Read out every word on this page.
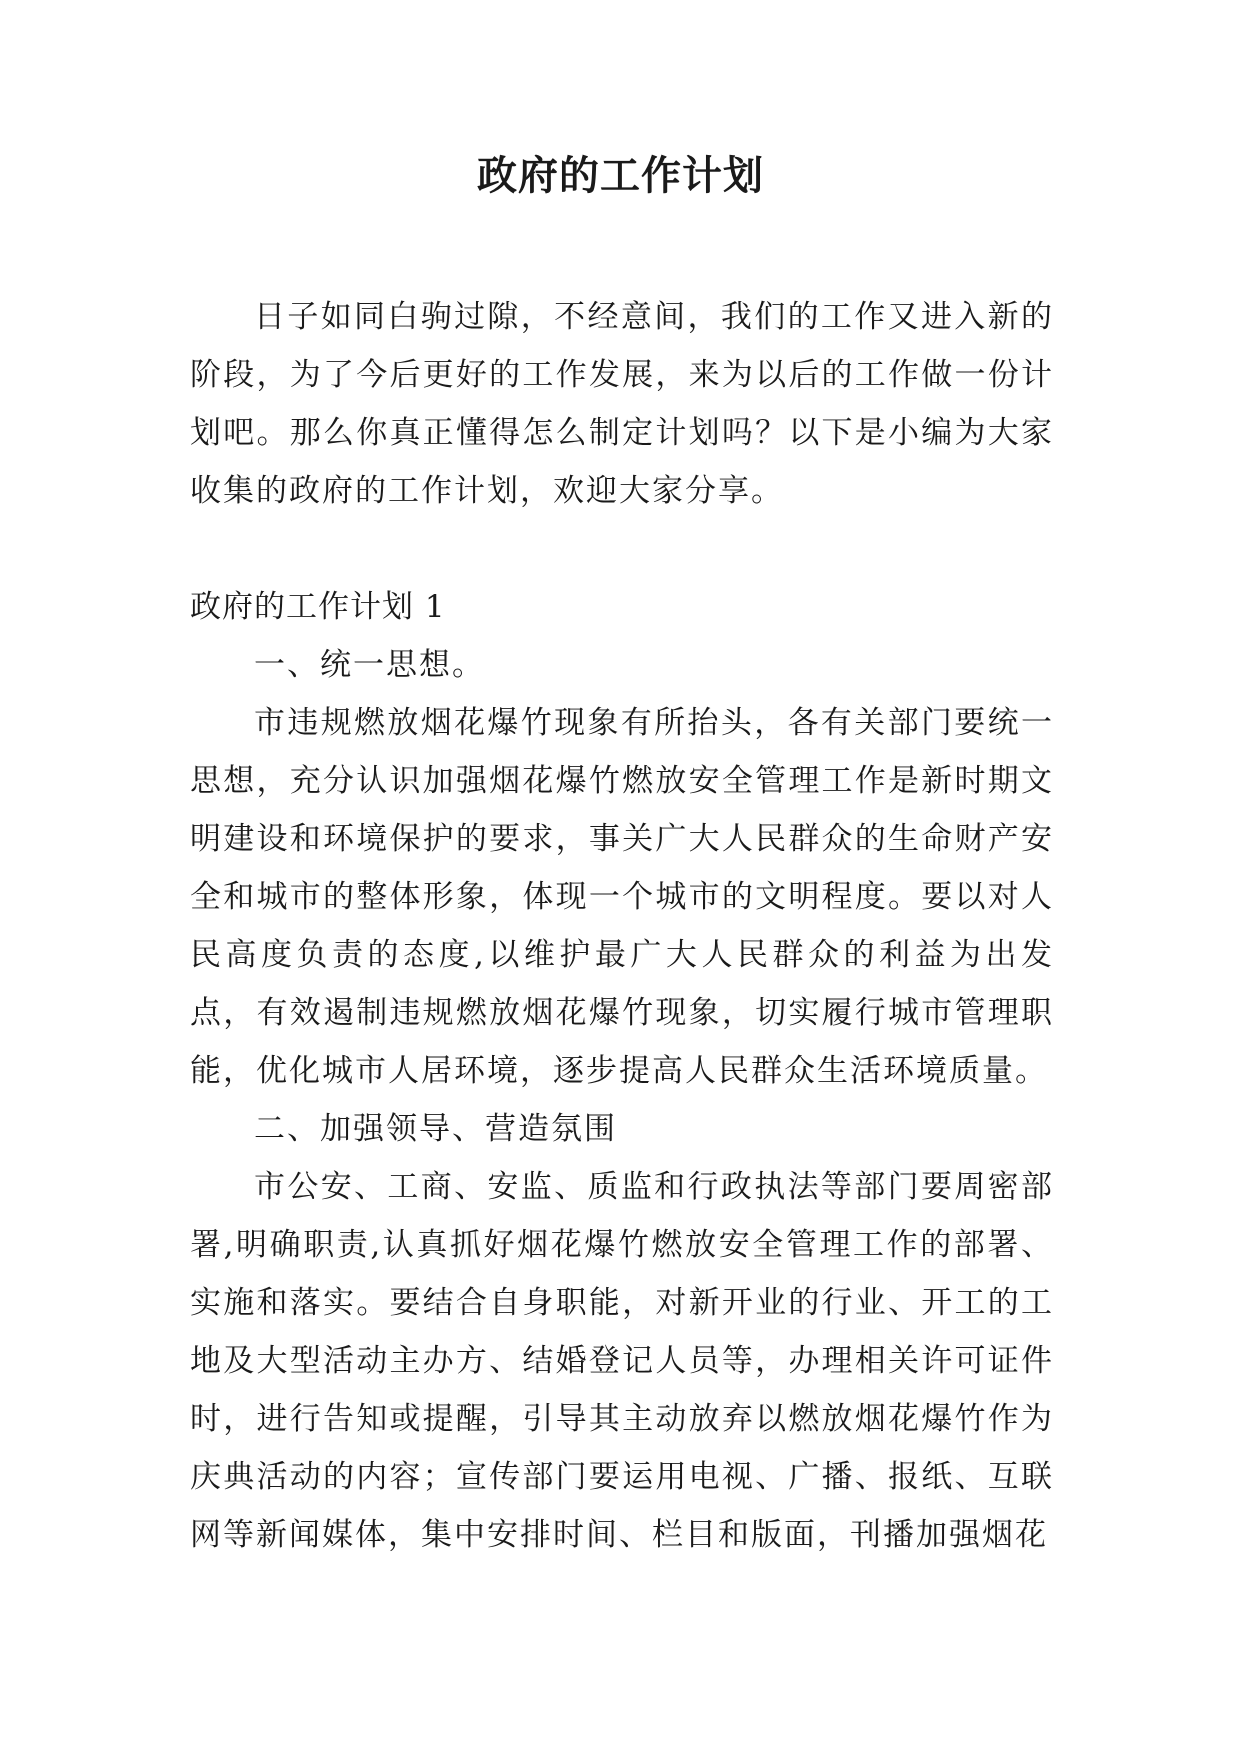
政府的工作计划

日子如同白驹过隙，不经意间，我们的工作又进入新的阶段，为了今后更好的工作发展，来为以后的工作做一份计划吧。那么你真正懂得怎么制定计划吗？以下是小编为大家收集的政府的工作计划，欢迎大家分享。

政府的工作计划 1

一、统一思想。

市违规燃放烟花爆竹现象有所抬头，各有关部门要统一思想，充分认识加强烟花爆竹燃放安全管理工作是新时期文明建设和环境保护的要求，事关广大人民群众的生命财产安全和城市的整体形象，体现一个城市的文明程度。要以对人民高度负责的态度,以维护最广大人民群众的利益为出发点，有效遏制违规燃放烟花爆竹现象，切实履行城市管理职能，优化城市人居环境，逐步提高人民群众生活环境质量。

二、加强领导、营造氛围

市公安、工商、安监、质监和行政执法等部门要周密部署,明确职责,认真抓好烟花爆竹燃放安全管理工作的部署、实施和落实。要结合自身职能，对新开业的行业、开工的工地及大型活动主办方、结婚登记人员等，办理相关许可证件时，进行告知或提醒，引导其主动放弃以燃放烟花爆竹作为庆典活动的内容；宣传部门要运用电视、广播、报纸、互联网等新闻媒体，集中安排时间、栏目和版面，刊播加强烟花
